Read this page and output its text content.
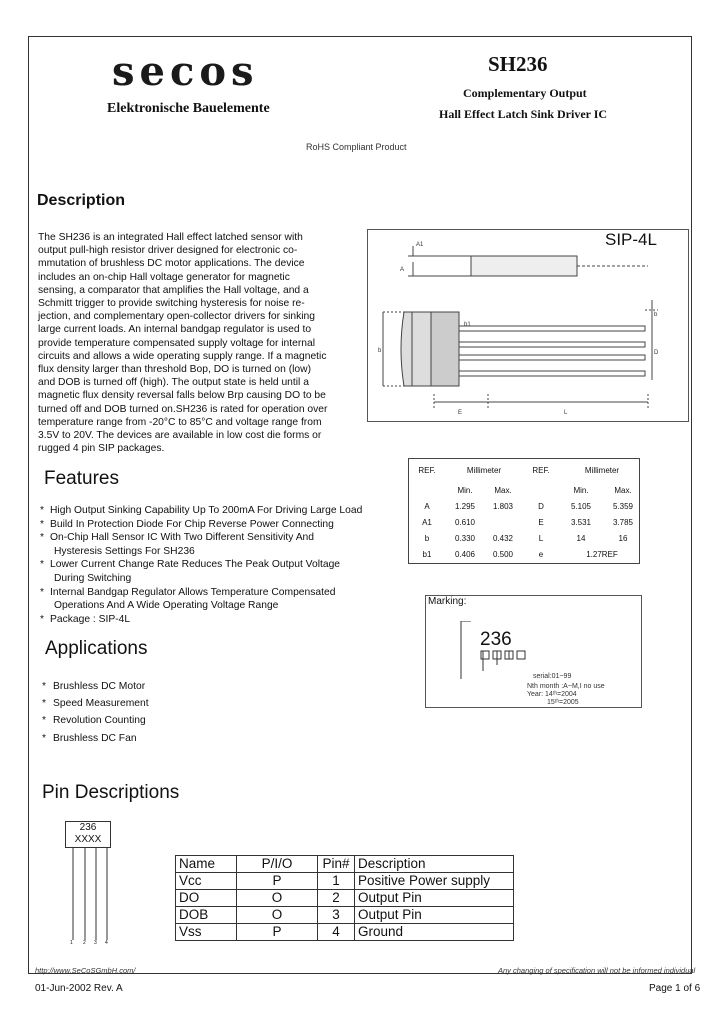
secos
Elektronische Bauelemente
SH236
Complementary Output
Hall Effect Latch Sink Driver IC
RoHS Compliant Product
Description
The SH236 is an integrated Hall effect latched sensor with
output pull-high resistor driver designed for electronic co-
mmutation of brushless DC motor applications. The device
includes an on-chip Hall voltage generator for magnetic
sensing, a comparator that amplifies the Hall voltage, and a
Schmitt trigger to provide switching hysteresis for noise re-
jection, and complementary open-collector drivers for sinking
large current loads. An internal bandgap regulator is used to
provide temperature compensated supply voltage for internal
circuits and allows a wide operating supply range. If a magnetic
flux density larger than threshold Bop, DO is turned on (low)
and DOB is turned off (high). The output state is held until a
magnetic flux density reversal falls below Brp causing DO to be
turned off and DOB turned on.SH236 is rated for operation over
temperature range from -20°C to 85°C and voltage range from
3.5V to 20V. The devices are available in low cost die forms or
rugged 4 pin SIP packages.
Features
* High Output Sinking Capability Up To 200mA For Driving Large Load
* Build In Protection Diode For Chip Reverse Power Connecting
* On-Chip Hall Sensor IC With Two Different Sensitivity And
Hysteresis Settings For SH236
* Lower Current Change Rate Reduces The Peak Output Voltage
During Switching
* Internal Bandgap Regulator Allows Temperature Compensated
Operations And A Wide Operating Voltage Range
* Package : SIP-4L
Applications
* Brushless DC Motor
* Speed Measurement
* Revolution Counting
* Brushless DC Fan
A1
A
b1
b
b
D
E	L
SIP-4L
REF.	Millimeter		REF.	Millimeter	

	Min.	Max.		Min.	Max.
A	1.295	1.803	D	5.105	5.359
A1	0.610		E	3.531	3.785
b	0.330	0.432	L	14	16
b1	0.406	0.500	e	1.27REF	
Marking:
236
serial:01~99
Nth month :A~M,I no use
Year: 14ᵗʰ=2004
15ᵗʰ=2005
Pin Descriptions
236
XXXX
1 2 3 4
Name	P/I/O	Pin#	Description
Vcc	P	1	Positive Power supply
DO	O	2	Output Pin
DOB	O	3	Output Pin
Vss	P	4	Ground
http://www.SeCoSGmbH.com/	Any changing of specification will not be informed individual
01-Jun-2002 Rev. A	Page 1 of 6
